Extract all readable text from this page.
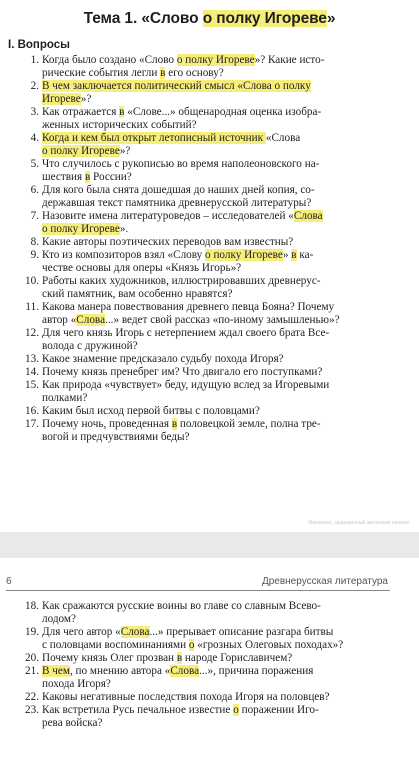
Тема 1. «Слово о полку Игореве»
I. Вопросы
1. Когда было создано «Слово о полку Игореве»? Какие исто-
рические события легли в его основу?
2. В чем заключается политический смысл «Слова о полку
Игореве»?
3. Как отражается в «Слове...» общенародная оценка изобра-
женных исторических событий?
4. Когда и кем был открыт летописный источник «Слова
о полку Игореве»?
5. Что случилось с рукописью во время наполеоновского на-
шествия в России?
6. Для кого была снята дошедшая до наших дней копия, со-
державшая текст памятника древнерусской литературы?
7. Назовите имена литературоведов – исследователей «Слова
о полку Игореве».
8. Какие авторы поэтических переводов вам известны?
9. Кто из композиторов взял «Слову о полку Игореве» в ка-
честве основы для оперы «Князь Игорь»?
10. Работы каких художников, иллюстрировавших древнерус-
ский памятник, вам особенно нравятся?
11. Какова манера повествования древнего певца Бояна? Почему
автор «Слова...» ведет свой рассказ «по-иному замышленью»?
12. Для чего князь Игорь с нетерпением ждал своего брата Все-
волода с дружиной?
13. Какое знамение предсказало судьбу похода Игоря?
14. Почему князь пренебрег им? Что двигало его поступками?
15. Как природа «чувствует» беду, идущую вслед за Игоревыми
полками?
16. Каким был исход первой битвы с половцами?
17. Почему ночь, проведенная в половецкой земле, полна тре-
вогой и предчувствиями беды?
Материал, защищенный авторским правом
6	Древнерусская литература
18. Как сражаются русские воины во главе со славным Всево-
лодом?
19. Для чего автор «Слова...» прерывает описание разгара битвы
с половцами воспоминаниями о «грозных Олеговых походах»?
20. Почему князь Олег прозван в народе Гориславичем?
21. В чем, по мнению автора «Слова...», причина поражения
похода Игоря?
22. Каковы негативные последствия похода Игоря на половцев?
23. Как встретила Русь печальное известие о поражении Иго-
рева войска?
